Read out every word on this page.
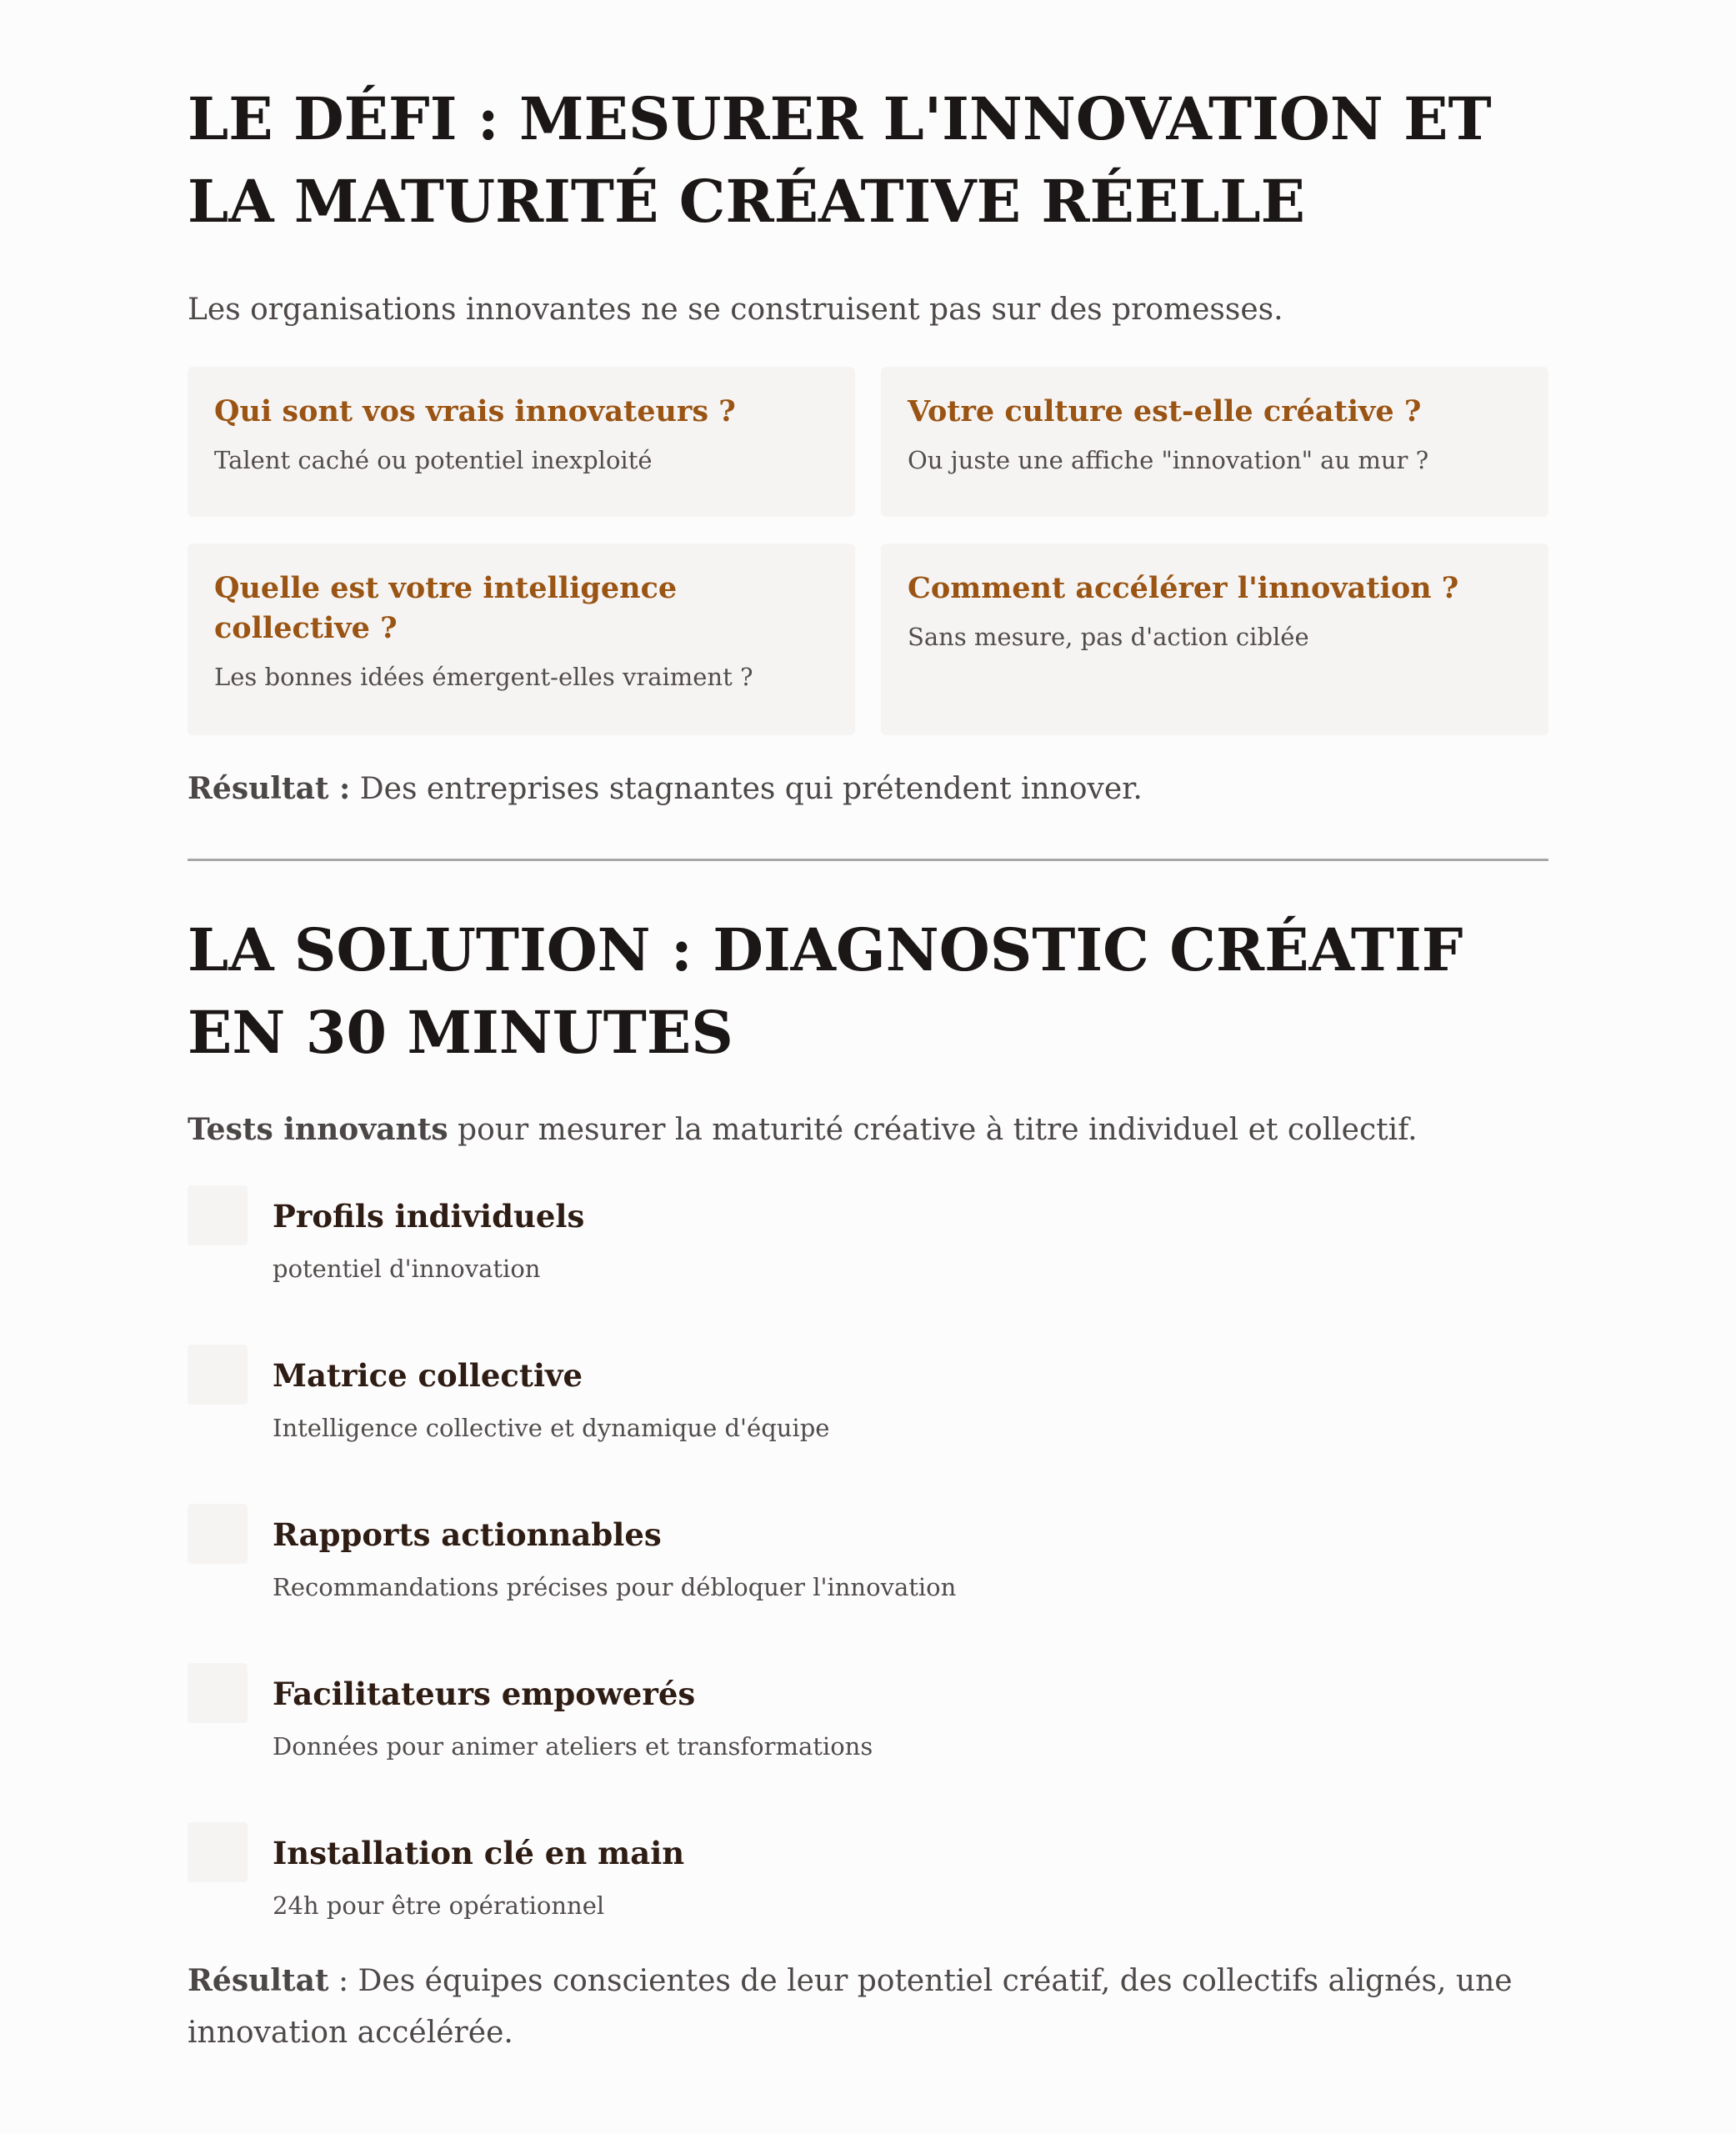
LE DÉFI : MESURER L'INNOVATION ET LA MATURITÉ CRÉATIVE RÉELLE

Les organisations innovantes ne se construisent pas sur des promesses.

Qui sont vos vrais innovateurs ?

Talent caché ou potentiel inexploité

Votre culture est-elle créative ?

Ou juste une affiche "innovation" au mur ?

Quelle est votre intelligence collective ?

Les bonnes idées émergent-elles vraiment ?

Comment accélérer l'innovation ?

Sans mesure, pas d'action ciblée

Résultat : Des entreprises stagnantes qui prétendent innover.

LA SOLUTION : DIAGNOSTIC CRÉATIF EN 30 MINUTES

Tests innovants pour mesurer la maturité créative à titre individuel et collectif.

Profils individuels

potentiel d'innovation

Matrice collective

Intelligence collective et dynamique d'équipe

Rapports actionnables

Recommandations précises pour débloquer l'innovation

Facilitateurs empowerés

Données pour animer ateliers et transformations

Installation clé en main

24h pour être opérationnel

Résultat : Des équipes conscientes de leur potentiel créatif, des collectifs alignés, une innovation accélérée.
